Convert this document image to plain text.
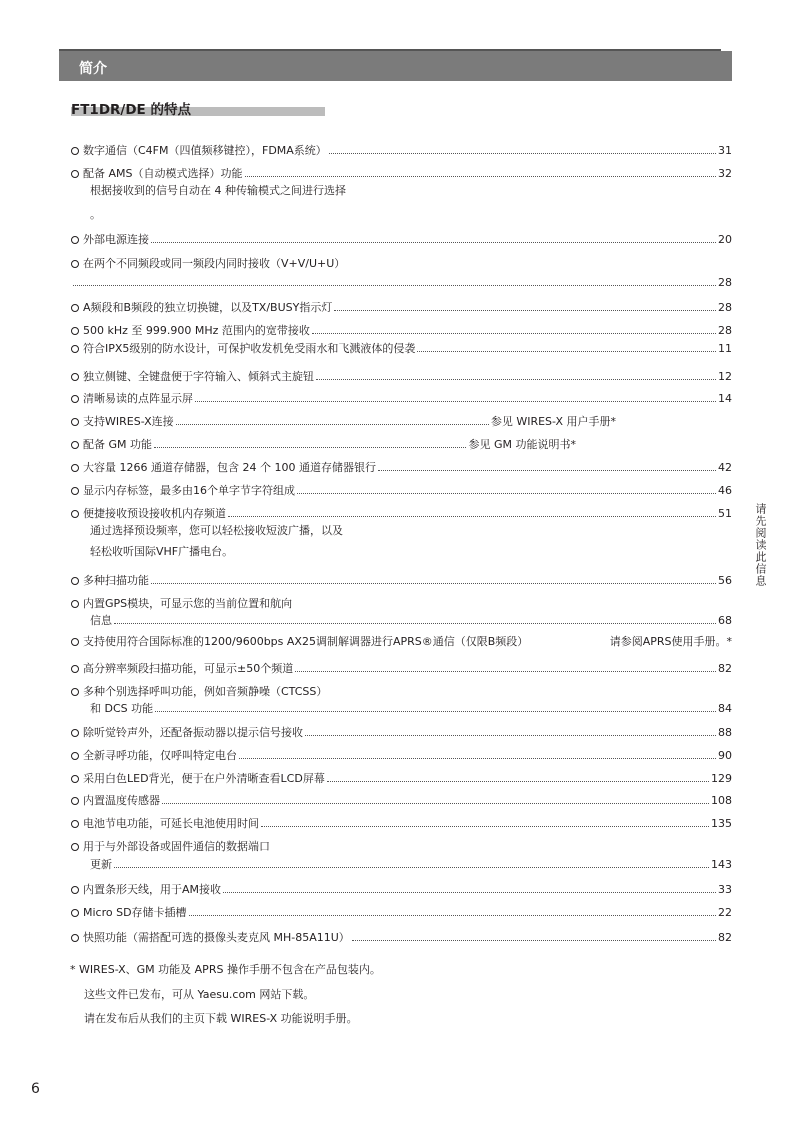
简介
FT1DR/DE 的特点
数字通信（C4FM（四值频移键控），FDMA系统）	31
配备 AMS（自动模式选择）功能	32
根据接收到的信号自动在 4 种传输模式之间进行选择
。
外部电源连接	20
在两个不同频段或同一频段内同时接收（V+V/U+U）
28
A频段和B频段的独立切换键，以及TX/BUSY指示灯	28
500 kHz 至 999.900 MHz 范围内的宽带接收	28
符合IPX5级别的防水设计，可保护收发机免受雨水和飞溅液体的侵袭	11
独立侧键、全键盘便于字符输入、倾斜式主旋钮	12
清晰易读的点阵显示屏	14
支持WIRES-X连接	参见 WIRES-X 用户手册*
配备 GM 功能	参见 GM 功能说明书*
大容量 1266 通道存储器，包含 24 个 100 通道存储器银行	42
显示内存标签，最多由16个单字节字符组成	46
便捷接收预设接收机内存频道	51
通过选择预设频率，您可以轻松接收短波广播，以及
轻松收听国际VHF广播电台。
多种扫描功能	56
内置GPS模块，可显示您的当前位置和航向
信息	68
支持使用符合国际标准的1200/9600bps AX25调制解调器进行APRS®通信（仅限B频段）	请参阅APRS使用手册。*
高分辨率频段扫描功能，可显示±50个频道	82
多种个别选择呼叫功能，例如音频静噪（CTCSS）
和 DCS 功能	84
除听觉铃声外，还配备振动器以提示信号接收	88
全新寻呼功能，仅呼叫特定电台	90
采用白色LED背光，便于在户外清晰查看LCD屏幕	129
内置温度传感器	108
电池节电功能，可延长电池使用时间	135
用于与外部设备或固件通信的数据端口
更新	143
内置条形天线，用于AM接收	33
Micro SD存储卡插槽	22
快照功能（需搭配可选的摄像头麦克风 MH-85A11U）	82
* WIRES-X、GM 功能及 APRS 操作手册不包含在产品包装内。
这些文件已发布，可从 Yaesu.com 网站下载。
请在发布后从我们的主页下载 WIRES-X 功能说明手册。
请先阅读此信息
6
